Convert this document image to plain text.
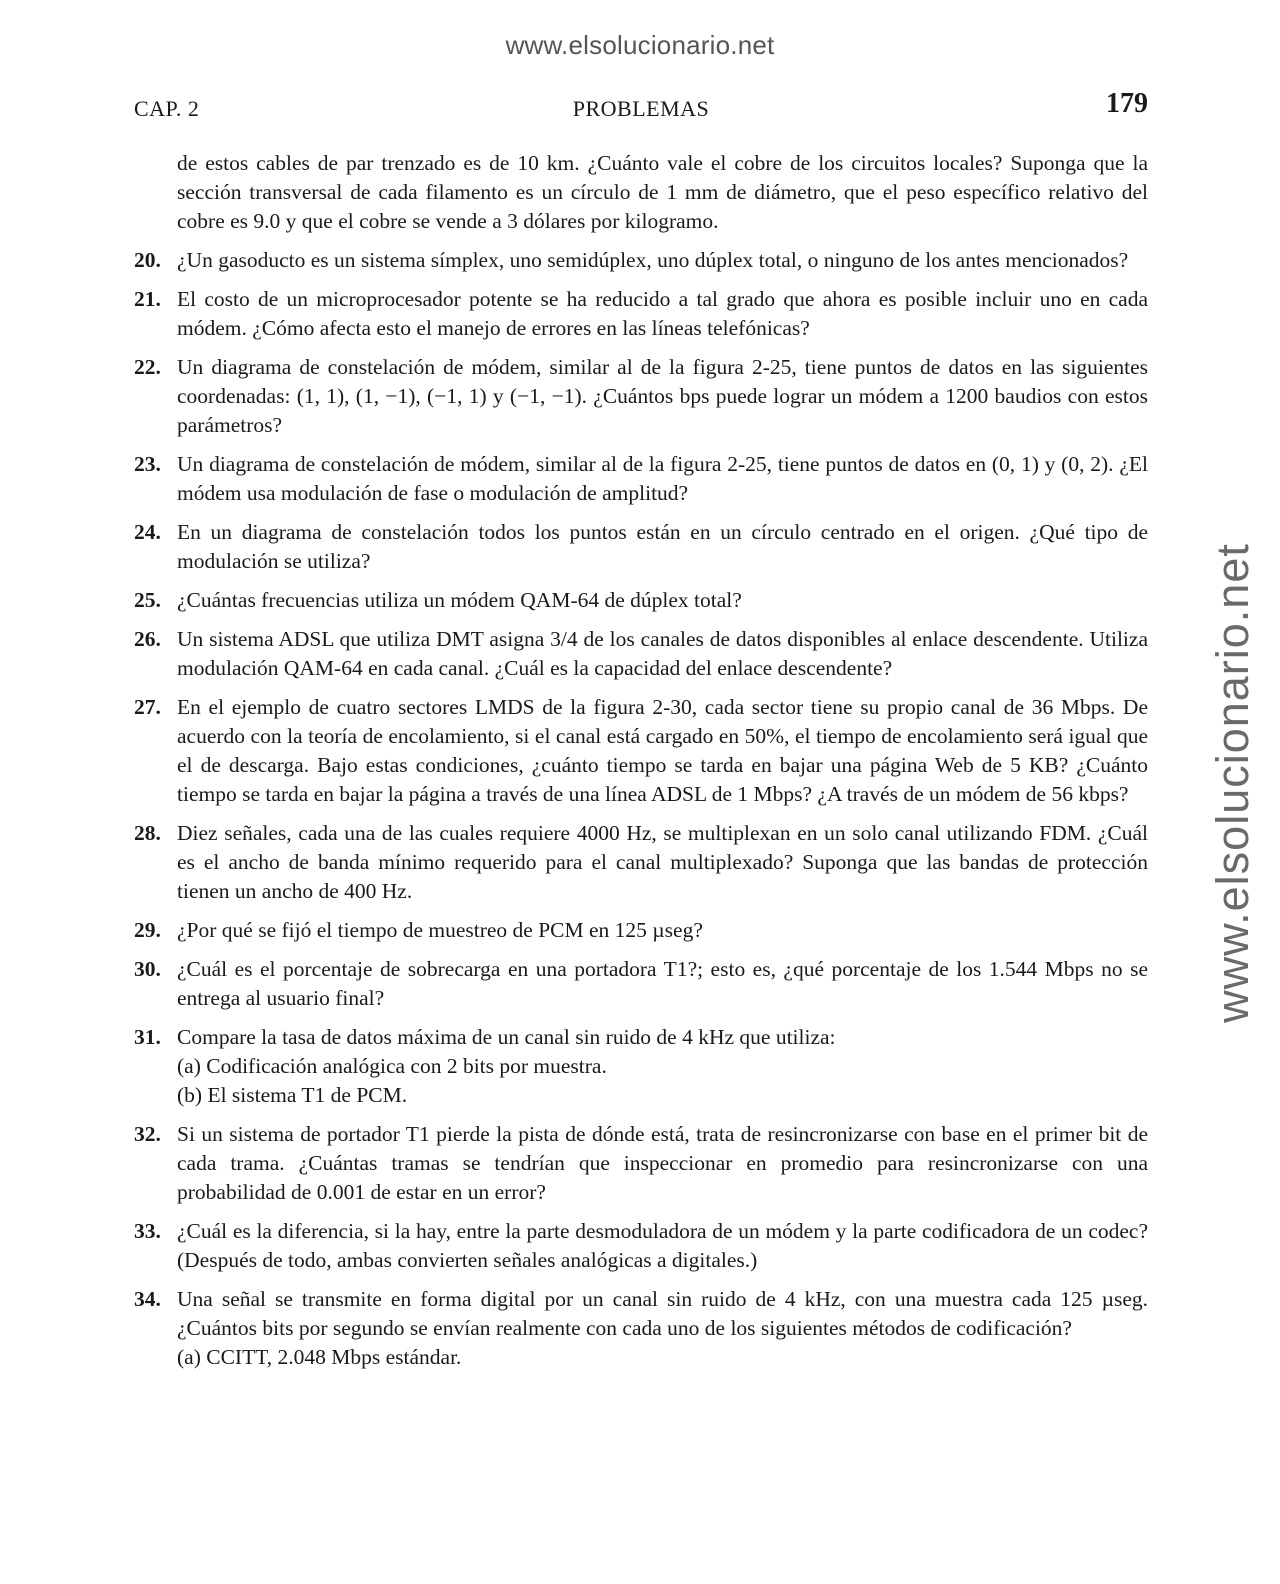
www.elsolucionario.net
www.elsolucionario.net
PROBLEMAS
CAP. 2	179

de estos cables de par trenzado es de 10 km. ¿Cuánto vale el cobre de los circuitos locales? Suponga que la sección transversal de cada filamento es un círculo de 1 mm de diámetro, que el peso específico relativo del cobre es 9.0 y que el cobre se vende a 3 dólares por kilogramo.

20. ¿Un gasoducto es un sistema símplex, uno semidúplex, uno dúplex total, o ninguno de los antes mencionados?
21. El costo de un microprocesador potente se ha reducido a tal grado que ahora es posible incluir uno en cada módem. ¿Cómo afecta esto el manejo de errores en las líneas telefónicas?
22. Un diagrama de constelación de módem, similar al de la figura 2-25, tiene puntos de datos en las siguientes coordenadas: (1, 1), (1, −1), (−1, 1) y (−1, −1). ¿Cuántos bps puede lograr un módem a 1200 baudios con estos parámetros?
23. Un diagrama de constelación de módem, similar al de la figura 2-25, tiene puntos de datos en (0, 1) y (0, 2). ¿El módem usa modulación de fase o modulación de amplitud?
24. En un diagrama de constelación todos los puntos están en un círculo centrado en el origen. ¿Qué tipo de modulación se utiliza?
25. ¿Cuántas frecuencias utiliza un módem QAM-64 de dúplex total?
26. Un sistema ADSL que utiliza DMT asigna 3/4 de los canales de datos disponibles al enlace descendente. Utiliza modulación QAM-64 en cada canal. ¿Cuál es la capacidad del enlace descendente?
27. En el ejemplo de cuatro sectores LMDS de la figura 2-30, cada sector tiene su propio canal de 36 Mbps. De acuerdo con la teoría de encolamiento, si el canal está cargado en 50%, el tiempo de encolamiento será igual que el de descarga. Bajo estas condiciones, ¿cuánto tiempo se tarda en bajar una página Web de 5 KB? ¿Cuánto tiempo se tarda en bajar la página a través de una línea ADSL de 1 Mbps? ¿A través de un módem de 56 kbps?
28. Diez señales, cada una de las cuales requiere 4000 Hz, se multiplexan en un solo canal utilizando FDM. ¿Cuál es el ancho de banda mínimo requerido para el canal multiplexado? Suponga que las bandas de protección tienen un ancho de 400 Hz.
29. ¿Por qué se fijó el tiempo de muestreo de PCM en 125 µseg?
30. ¿Cuál es el porcentaje de sobrecarga en una portadora T1?; esto es, ¿qué porcentaje de los 1.544 Mbps no se entrega al usuario final?
31. Compare la tasa de datos máxima de un canal sin ruido de 4 kHz que utiliza:
(a) Codificación analógica con 2 bits por muestra.
(b) El sistema T1 de PCM.
32. Si un sistema de portador T1 pierde la pista de dónde está, trata de resincronizarse con base en el primer bit de cada trama. ¿Cuántas tramas se tendrían que inspeccionar en promedio para resincronizarse con una probabilidad de 0.001 de estar en un error?
33. ¿Cuál es la diferencia, si la hay, entre la parte desmoduladora de un módem y la parte codificadora de un codec? (Después de todo, ambas convierten señales analógicas a digitales.)
34. Una señal se transmite en forma digital por un canal sin ruido de 4 kHz, con una muestra cada 125 µseg. ¿Cuántos bits por segundo se envían realmente con cada uno de los siguientes métodos de codificación?
(a) CCITT, 2.048 Mbps estándar.
